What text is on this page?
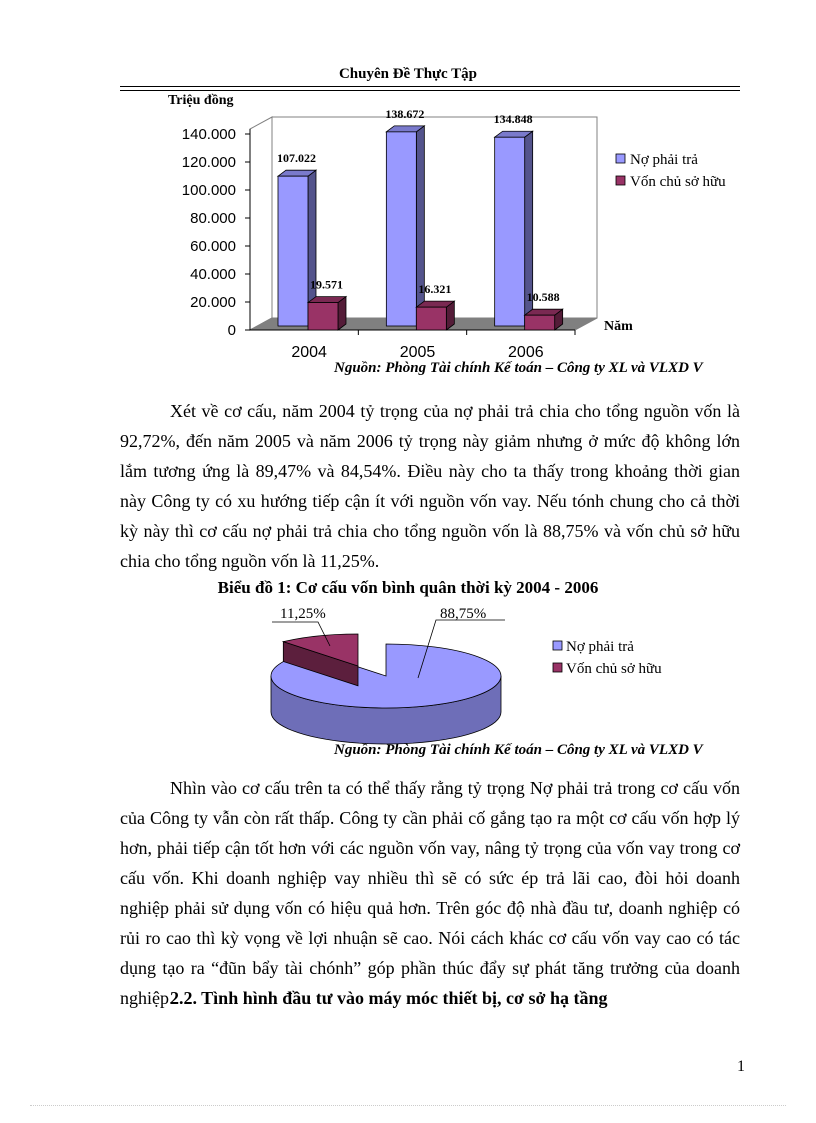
Chuyên Đề Thực Tập
0
20.000
40.000
60.000
80.000
100.000
120.000
140.000
Triệu đồng
Năm
2004
107.022
19.571
2005
138.672
16.321
2006
134.848
10.588
Nợ phải trả
Vốn chủ sở hữu
Nguồn: Phòng Tài chính Kế toán – Công ty XL và VLXD V

Xét về cơ cấu, năm 2004 tỷ trọng của nợ phải trả chia cho tổng nguồn vốn là 92,72%, đến năm 2005 và năm 2006 tỷ trọng này giảm nhưng ở mức độ không lớn lắm tương ứng là 89,47% và 84,54%. Điều này cho ta thấy trong khoảng thời gian này Công ty có xu hướng tiếp cận ít với nguồn vốn vay. Nếu tónh chung cho cả thời kỳ này thì cơ cấu nợ phải trả chia cho tổng nguồn vốn là 88,75% và vốn chủ sở hữu chia cho tổng nguồn vốn là 11,25%.

Biểu đồ 1: Cơ cấu vốn bình quân thời kỳ 2004 - 2006
88,75%
11,25%
Nợ phải trả
Vốn chủ sở hữu
Nguồn: Phòng Tài chính Kế toán – Công ty XL và VLXD V

Nhìn vào cơ cấu trên ta có thể thấy rằng tỷ trọng Nợ phải trả trong cơ cấu vốn của Công ty vẫn còn rất thấp. Công ty cần phải cố gắng tạo ra một cơ cấu vốn hợp lý hơn, phải tiếp cận tốt hơn với các nguồn vốn vay, nâng tỷ trọng của vốn vay trong cơ cấu vốn. Khi doanh nghiệp vay nhiều thì sẽ có sức ép trả lãi cao, đòi hỏi doanh nghiệp phải sử dụng vốn có hiệu quả hơn. Trên góc độ nhà đầu tư, doanh nghiệp có rủi ro cao thì kỳ vọng về lợi nhuận sẽ cao. Nói cách khác cơ cấu vốn vay cao có tác dụng tạo ra “đũn bẩy tài chónh” góp phần thúc đẩy sự phát tăng trưởng của doanh nghiệp.

2.2. Tình hình đầu tư vào máy móc thiết bị, cơ sở hạ tầng
1
